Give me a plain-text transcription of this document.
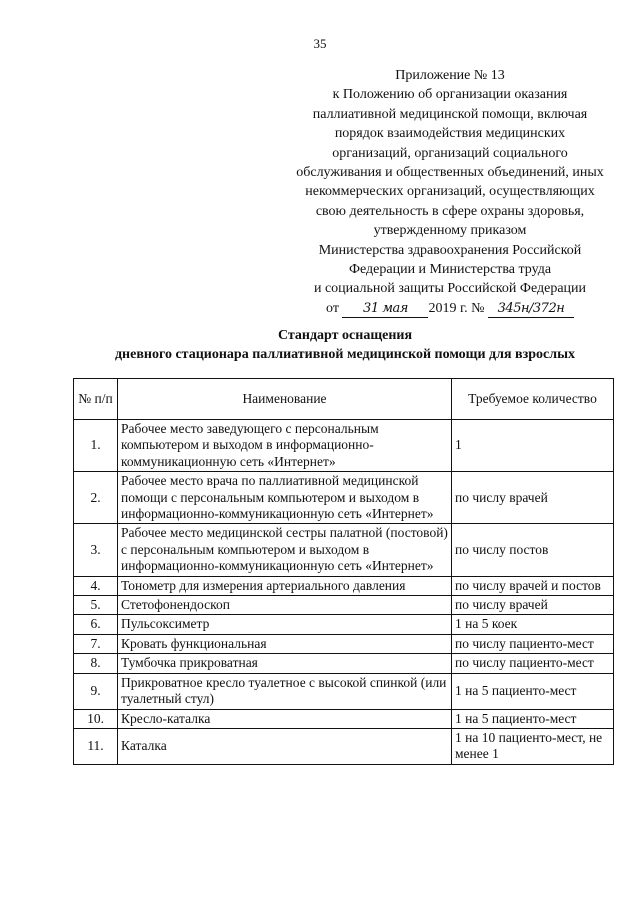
35
Приложение № 13
к Положению об организации оказания
паллиативной медицинской помощи, включая
порядок взаимодействия медицинских
организаций, организаций социального
обслуживания и общественных объединений, иных
некоммерческих организаций, осуществляющих
свою деятельность в сфере охраны здоровья,
утвержденному приказом
Министерства здравоохранения Российской
Федерации и Министерства труда
и социальной защиты Российской Федерации
от 31 мая 2019 г. № 345н/372н
Стандарт оснащения
дневного стационара паллиативной медицинской помощи для взрослых
№ п/п	Наименование	Требуемое количество
1.	Рабочее место заведующего с персональным компьютером и выходом в информационно-коммуникационную сеть «Интернет»	1
2.	Рабочее место врача по паллиативной медицинской помощи с персональным компьютером и выходом в информационно-коммуникационную сеть «Интернет»	по числу врачей
3.	Рабочее место медицинской сестры палатной (постовой) с персональным компьютером и выходом в информационно-коммуникационную сеть «Интернет»	по числу постов
4.	Тонометр для измерения артериального давления	по числу врачей и постов
5.	Стетофонендоскоп	по числу врачей
6.	Пульсоксиметр	1 на 5 коек
7.	Кровать функциональная	по числу пациенто-мест
8.	Тумбочка прикроватная	по числу пациенто-мест
9.	Прикроватное кресло туалетное с высокой спинкой (или туалетный стул)	1 на 5 пациенто-мест
10.	Кресло-каталка	1 на 5 пациенто-мест
11.	Каталка	1 на 10 пациенто-мест, не менее 1
